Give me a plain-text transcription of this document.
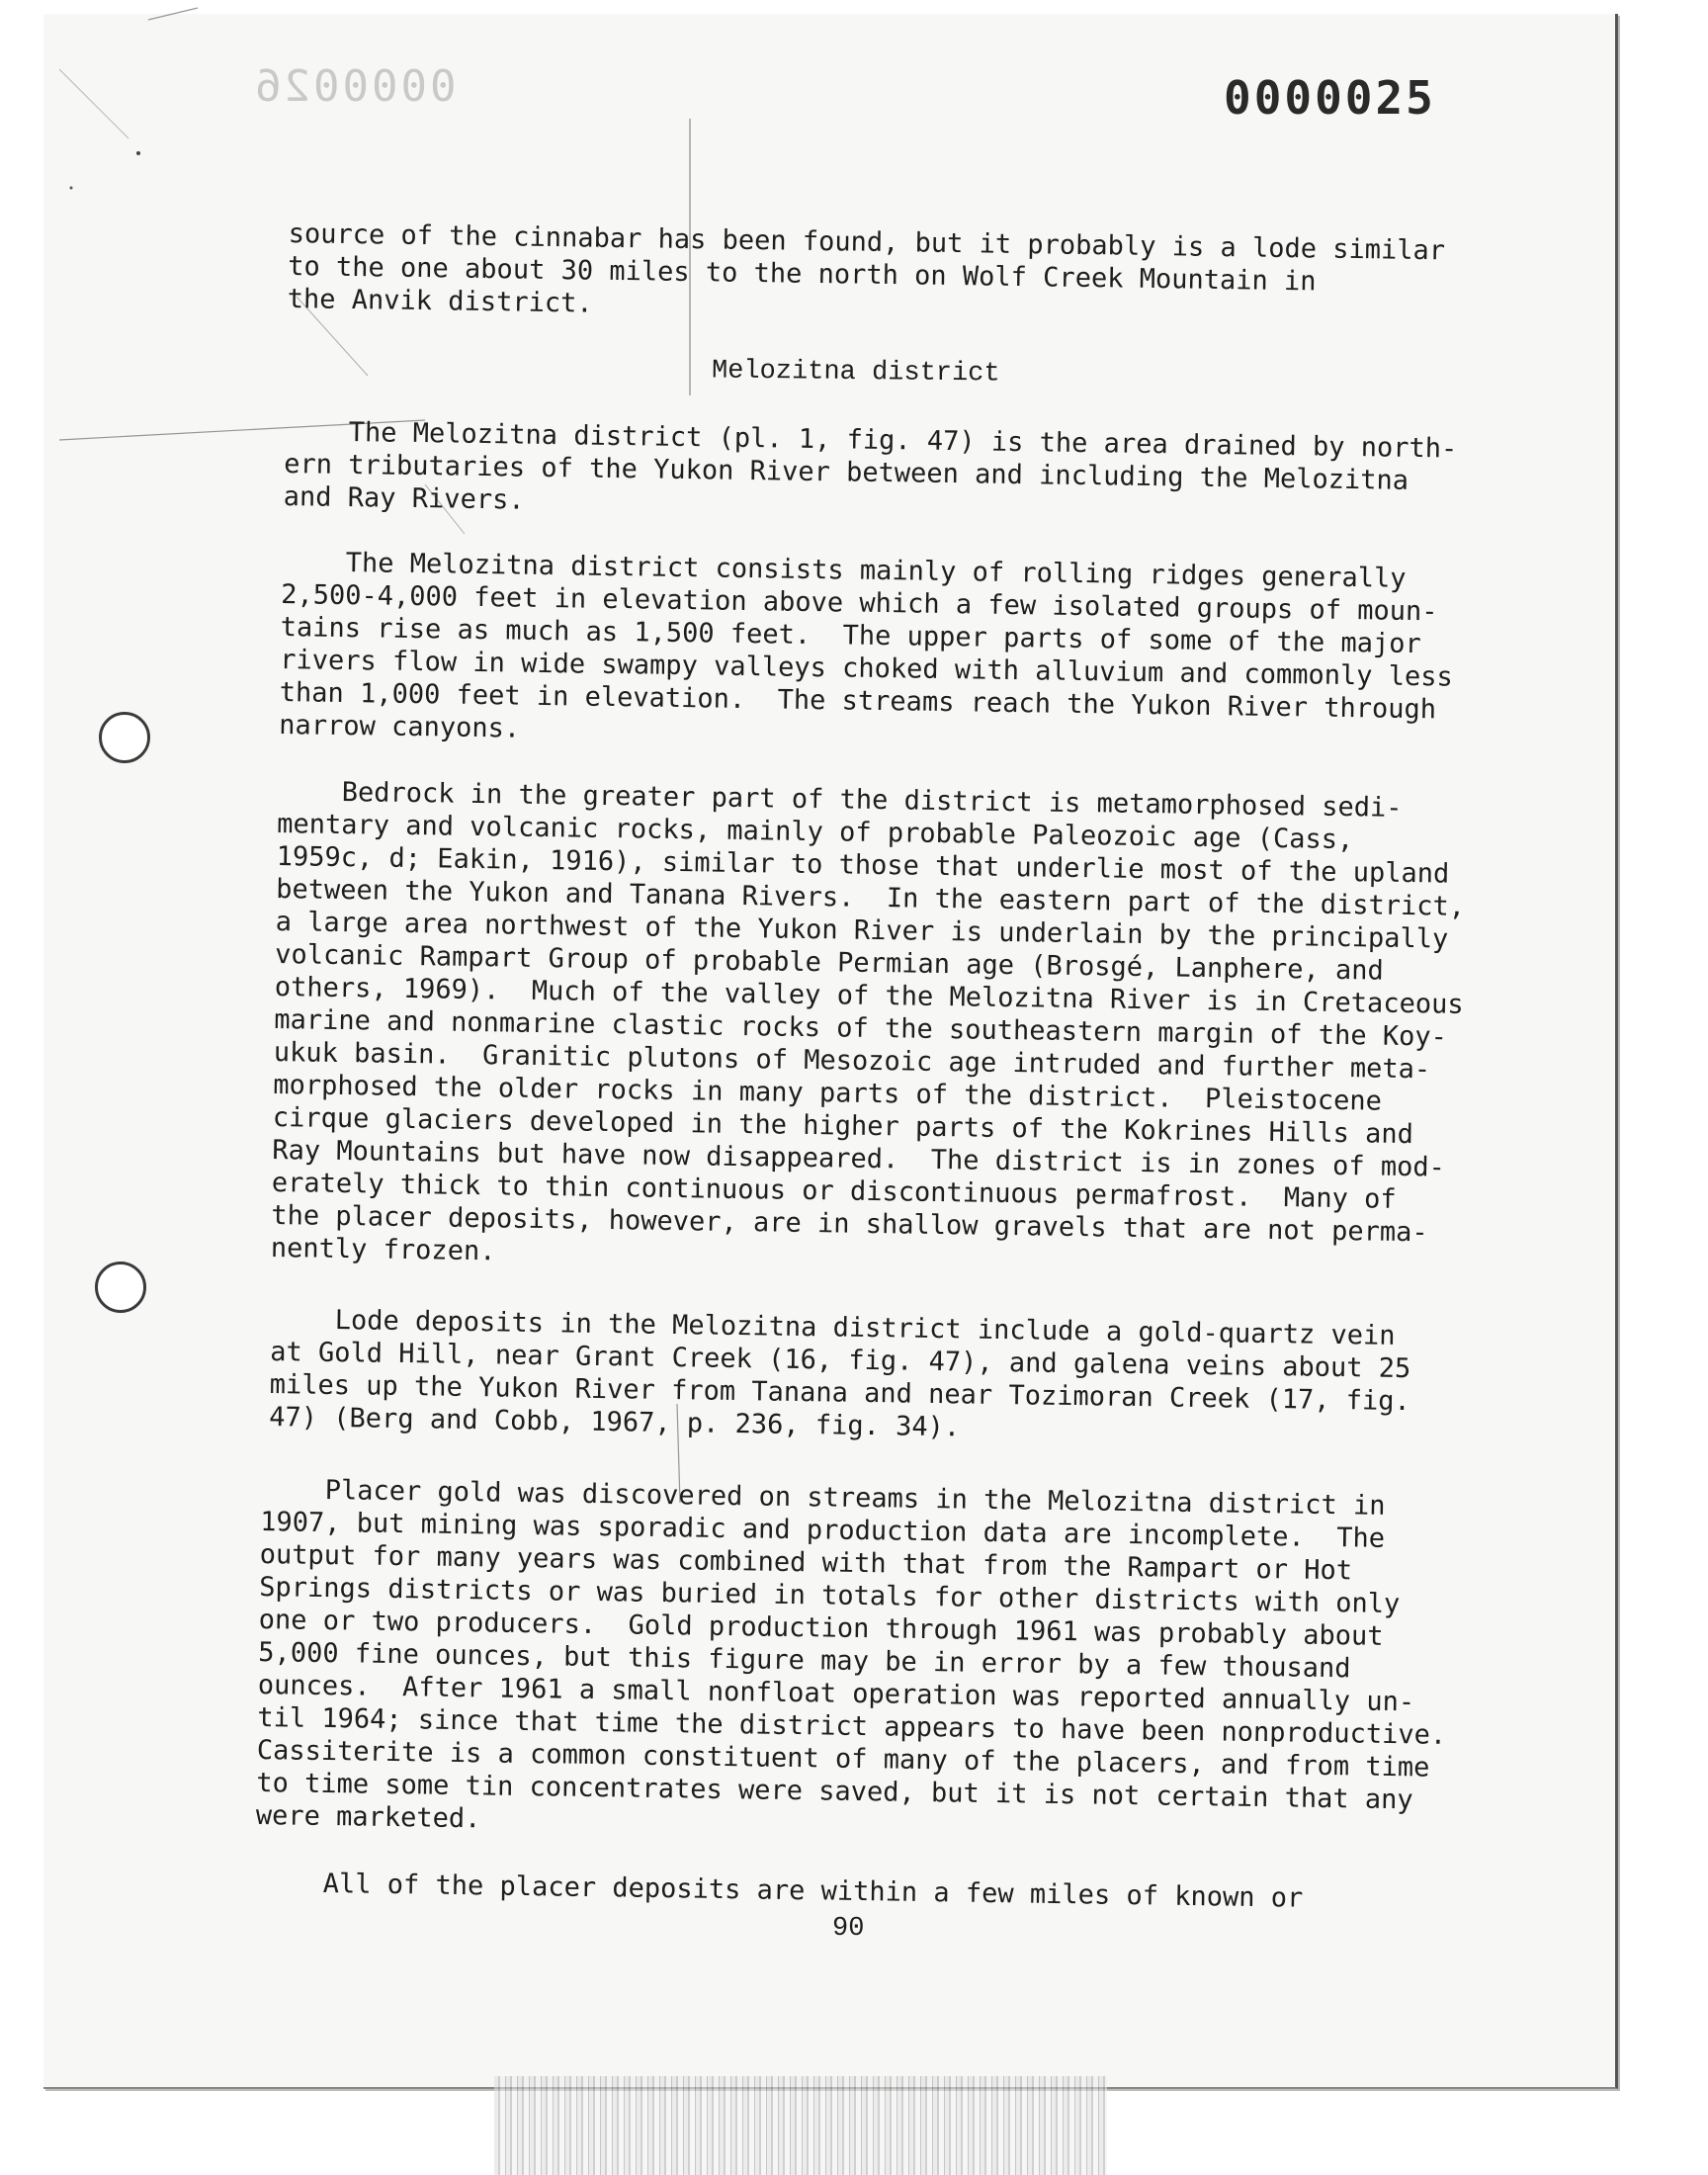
0000026	0000025
source of the cinnabar has been found, but it probably is a lode similar
to the one about 30 miles to the north on Wolf Creek Mountain in
the Anvik district.
Melozitna district
The Melozitna district (pl. 1, fig. 47) is the area drained by north-
ern tributaries of the Yukon River between and including the Melozitna
and Ray Rivers.
The Melozitna district consists mainly of rolling ridges generally
2,500-4,000 feet in elevation above which a few isolated groups of moun-
tains rise as much as 1,500 feet.  The upper parts of some of the major
rivers flow in wide swampy valleys choked with alluvium and commonly less
than 1,000 feet in elevation.  The streams reach the Yukon River through
narrow canyons.
Bedrock in the greater part of the district is metamorphosed sedi-
mentary and volcanic rocks, mainly of probable Paleozoic age (Cass,
1959c, d; Eakin, 1916), similar to those that underlie most of the upland
between the Yukon and Tanana Rivers.  In the eastern part of the district,
a large area northwest of the Yukon River is underlain by the principally
volcanic Rampart Group of probable Permian age (Brosgé, Lanphere, and
others, 1969).  Much of the valley of the Melozitna River is in Cretaceous
marine and nonmarine clastic rocks of the southeastern margin of the Koy-
ukuk basin.  Granitic plutons of Mesozoic age intruded and further meta-
morphosed the older rocks in many parts of the district.  Pleistocene
cirque glaciers developed in the higher parts of the Kokrines Hills and
Ray Mountains but have now disappeared.  The district is in zones of mod-
erately thick to thin continuous or discontinuous permafrost.  Many of
the placer deposits, however, are in shallow gravels that are not perma-
nently frozen.
Lode deposits in the Melozitna district include a gold-quartz vein
at Gold Hill, near Grant Creek (16, fig. 47), and galena veins about 25
miles up the Yukon River from Tanana and near Tozimoran Creek (17, fig.
47) (Berg and Cobb, 1967, p. 236, fig. 34).
Placer gold was discovered on streams in the Melozitna district in
1907, but mining was sporadic and production data are incomplete.  The
output for many years was combined with that from the Rampart or Hot
Springs districts or was buried in totals for other districts with only
one or two producers.  Gold production through 1961 was probably about
5,000 fine ounces, but this figure may be in error by a few thousand
ounces.  After 1961 a small nonfloat operation was reported annually un-
til 1964; since that time the district appears to have been nonproductive.
Cassiterite is a common constituent of many of the placers, and from time
to time some tin concentrates were saved, but it is not certain that any
were marketed.
All of the placer deposits are within a few miles of known or
90
